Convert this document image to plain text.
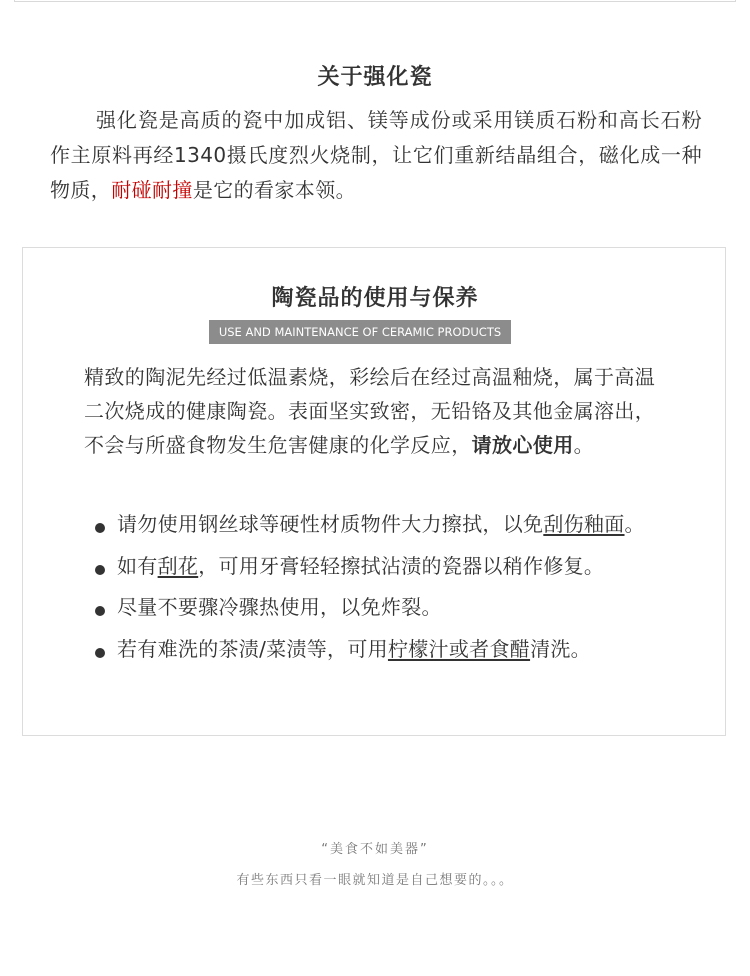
关于强化瓷

强化瓷是高质的瓷中加成铝、镁等成份或采用镁质石粉和高长石粉作主原料再经1340摄氏度烈火烧制，让它们重新结晶组合，磁化成一种物质，耐碰耐撞是它的看家本领。

陶瓷品的使用与保养
USE AND MAINTENANCE OF CERAMIC PRODUCTS

精致的陶泥先经过低温素烧，彩绘后在经过高温釉烧，属于高温二次烧成的健康陶瓷。表面坚实致密，无铅铬及其他金属溶出，不会与所盛食物发生危害健康的化学反应，请放心使用。

请勿使用钢丝球等硬性材质物件大力擦拭，以免刮伤釉面。
如有刮花，可用牙膏轻轻擦拭沾渍的瓷器以稍作修复。
尽量不要骤冷骤热使用，以免炸裂。
若有难洗的茶渍/菜渍等，可用柠檬汁或者食醋清洗。
“美食不如美器”
有些东西只看一眼就知道是自己想要的。。。
